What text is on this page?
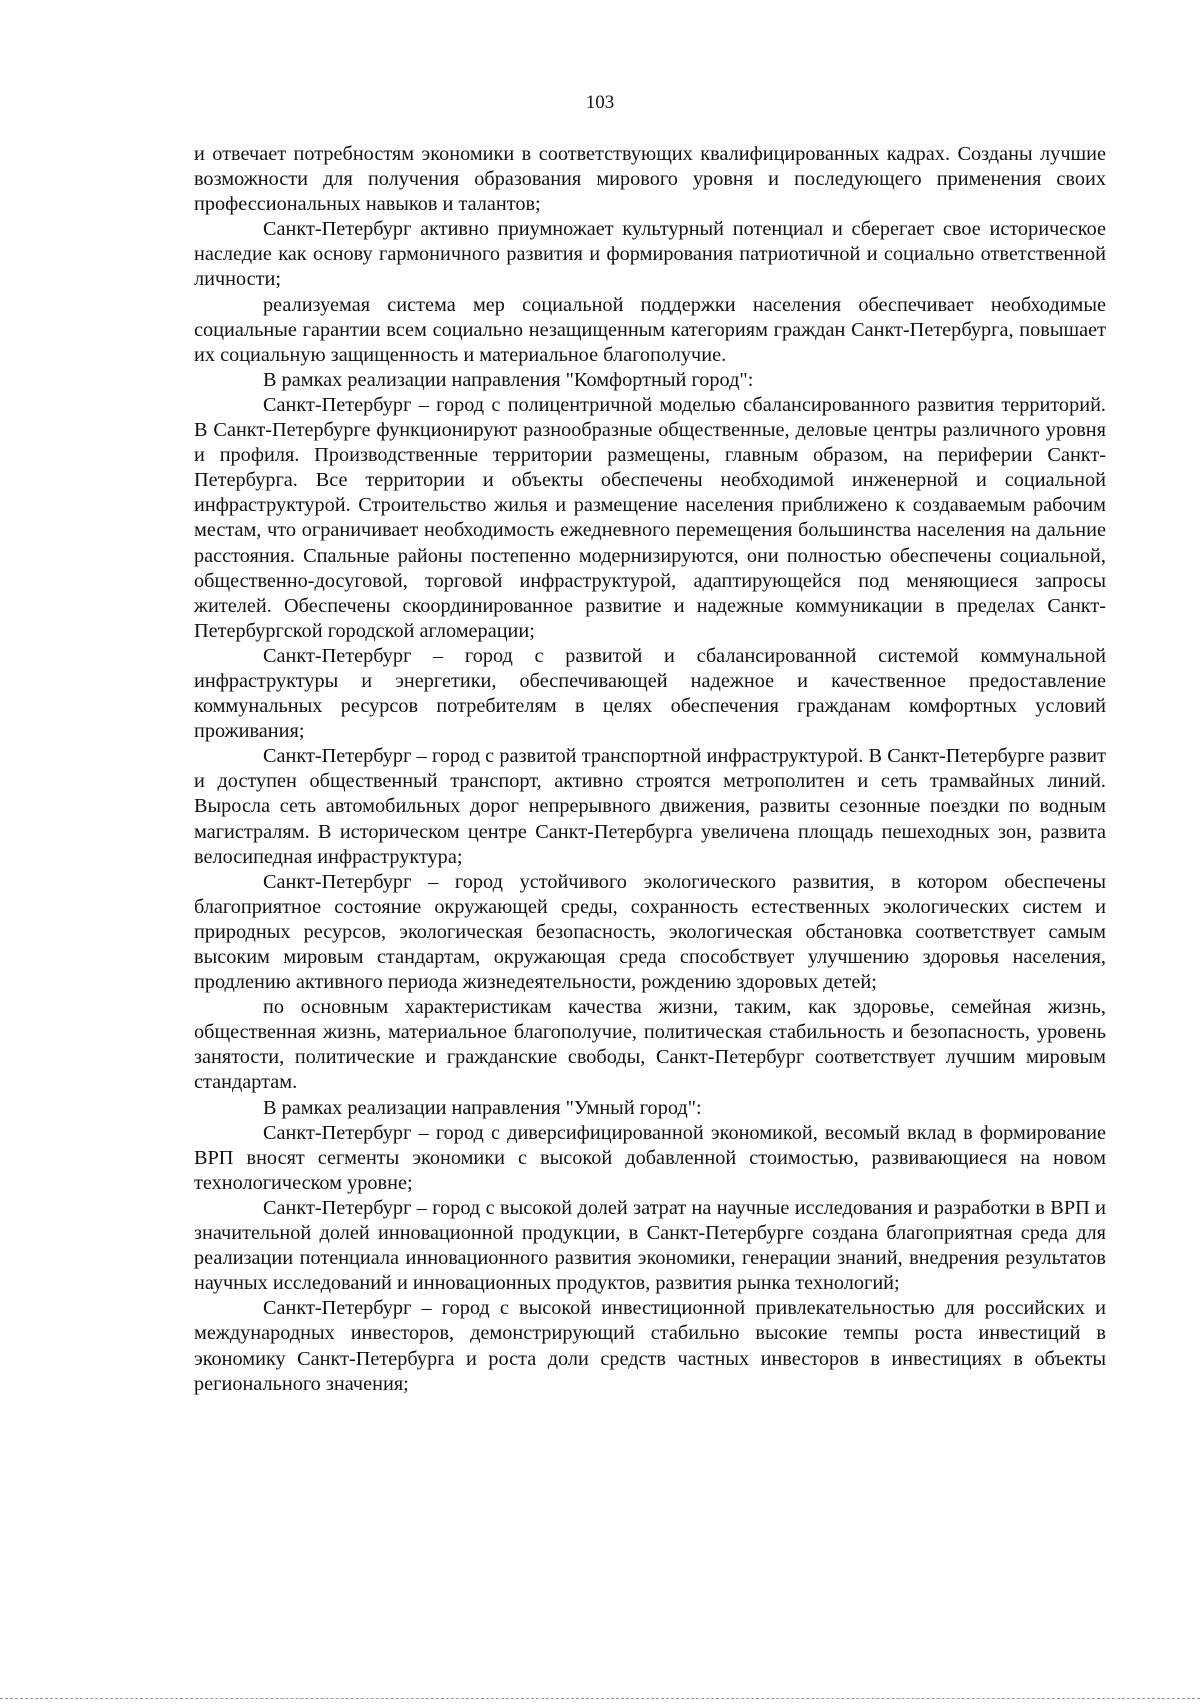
103

и отвечает потребностям экономики в соответствующих квалифицированных кадрах. Созданы лучшие возможности для получения образования мирового уровня и последующего применения своих профессиональных навыков и талантов;

Санкт-Петербург активно приумножает культурный потенциал и сберегает свое историческое наследие как основу гармоничного развития и формирования патриотичной и социально ответственной личности;

реализуемая система мер социальной поддержки населения обеспечивает необходимые социальные гарантии всем социально незащищенным категориям граждан Санкт-Петербурга, повышает их социальную защищенность и материальное благополучие.

В рамках реализации направления "Комфортный город":

Санкт-Петербург – город с полицентричной моделью сбалансированного развития территорий. В Санкт-Петербурге функционируют разнообразные общественные, деловые центры различного уровня и профиля. Производственные территории размещены, главным образом, на периферии Санкт-Петербурга. Все территории и объекты обеспечены необходимой инженерной и социальной инфраструктурой. Строительство жилья и размещение населения приближено к создаваемым рабочим местам, что ограничивает необходимость ежедневного перемещения большинства населения на дальние расстояния. Спальные районы постепенно модернизируются, они полностью обеспечены социальной, общественно-досуговой, торговой инфраструктурой, адаптирующейся под меняющиеся запросы жителей. Обеспечены скоординированное развитие и надежные коммуникации в пределах Санкт-Петербургской городской агломерации;

Санкт-Петербург – город с развитой и сбалансированной системой коммунальной инфраструктуры и энергетики, обеспечивающей надежное и качественное предоставление коммунальных ресурсов потребителям в целях обеспечения гражданам комфортных условий проживания;

Санкт-Петербург – город с развитой транспортной инфраструктурой. В Санкт-Петербурге развит и доступен общественный транспорт, активно строятся метрополитен и сеть трамвайных линий. Выросла сеть автомобильных дорог непрерывного движения, развиты сезонные поездки по водным магистралям. В историческом центре Санкт-Петербурга увеличена площадь пешеходных зон, развита велосипедная инфраструктура;

Санкт-Петербург – город устойчивого экологического развития, в котором обеспечены благоприятное состояние окружающей среды, сохранность естественных экологических систем и природных ресурсов, экологическая безопасность, экологическая обстановка соответствует самым высоким мировым стандартам, окружающая среда способствует улучшению здоровья населения, продлению активного периода жизнедеятельности, рождению здоровых детей;

по основным характеристикам качества жизни, таким, как здоровье, семейная жизнь, общественная жизнь, материальное благополучие, политическая стабильность и безопасность, уровень занятости, политические и гражданские свободы, Санкт-Петербург соответствует лучшим мировым стандартам.

В рамках реализации направления "Умный город":

Санкт-Петербург – город с диверсифицированной экономикой, весомый вклад в формирование ВРП вносят сегменты экономики с высокой добавленной стоимостью, развивающиеся на новом технологическом уровне;

Санкт-Петербург – город с высокой долей затрат на научные исследования и разработки в ВРП и значительной долей инновационной продукции, в Санкт-Петербурге создана благоприятная среда для реализации потенциала инновационного развития экономики, генерации знаний, внедрения результатов научных исследований и инновационных продуктов, развития рынка технологий;

Санкт-Петербург – город с высокой инвестиционной привлекательностью для российских и международных инвесторов, демонстрирующий стабильно высокие темпы роста инвестиций в экономику Санкт-Петербурга и роста доли средств частных инвесторов в инвестициях в объекты регионального значения;
